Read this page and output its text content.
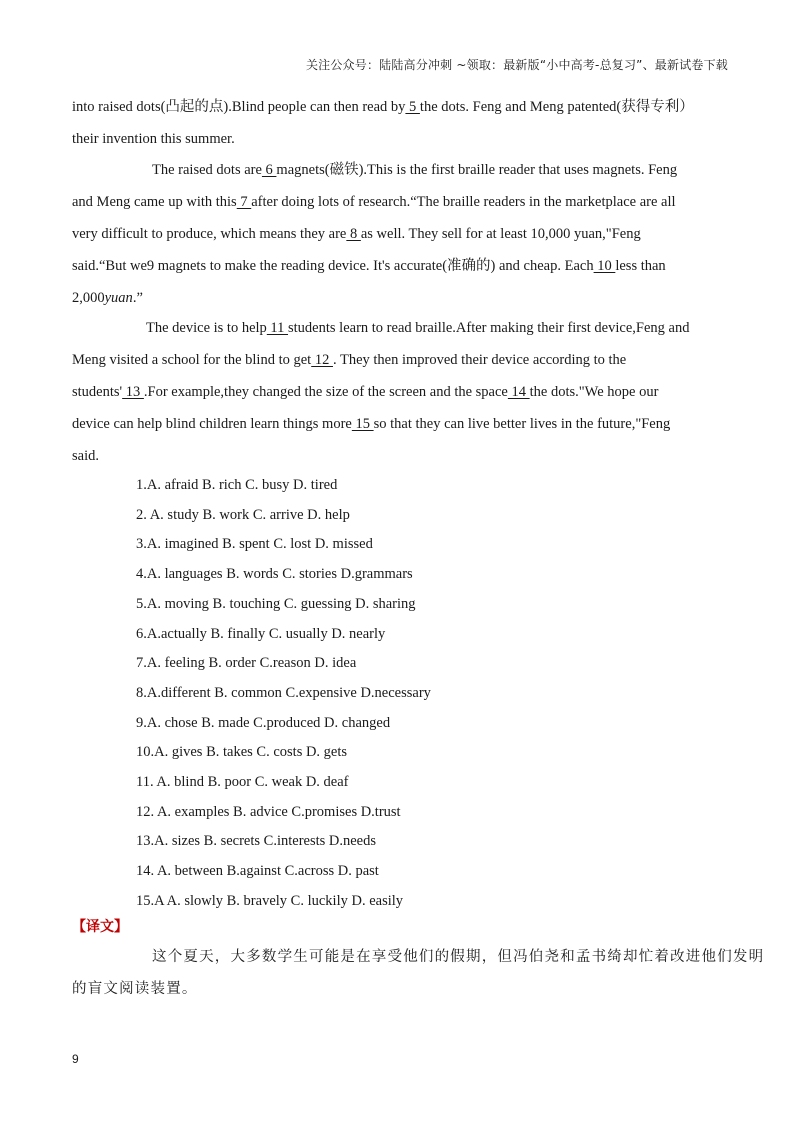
关注公众号：陆陆高分冲刺 ~领取：最新版“小中高考-总复习”、最新试卷下载
into raised dots(凸起的点).Blind people can then read by 5 the dots. Feng and Meng patented(获得专利）
their invention this summer.
The raised dots are 6 magnets(磁铁).This is the first braille reader that uses magnets. Feng
and Meng came up with this 7 after doing lots of research.“The braille readers in the marketplace are all
very difficult to produce, which means they are 8 as well. They sell for at least 10,000 yuan,"Feng
said.“But we9 magnets to make the reading device. It's accurate(准确的) and cheap. Each 10 less than
2,000yuan.”
The device is to help 11 students learn to read braille.After making their first device,Feng and
Meng visited a school for the blind to get 12 . They then improved their device according to the
students' 13 .For example,they changed the size of the screen and the space 14 the dots."We hope our
device can help blind children learn things more 15 so that they can live better lives in the future,"Feng
said.
1.A. afraid B. rich C. busy D. tired
2. A. study B. work C. arrive D. help
3.A. imagined B. spent C. lost D. missed
4.A. languages B. words C. stories D.grammars
5.A. moving B. touching C. guessing D. sharing
6.A.actually B. finally C. usually D. nearly
7.A. feeling B. order C.reason D. idea
8.A.different B. common C.expensive D.necessary
9.A. chose B. made C.produced D. changed
10.A. gives B. takes C. costs D. gets
11. A. blind B. poor C. weak D. deaf
12. A. examples B. advice C.promises D.trust
13.A. sizes B. secrets C.interests D.needs
14. A. between B.against C.across D. past
15.A A. slowly B. bravely C. luckily D. easily
【译文】
这个夏天，大多数学生可能是在享受他们的假期，但冯伯尧和孟书绮却忙着改进他们发明
的盲文阅读装置。
9
